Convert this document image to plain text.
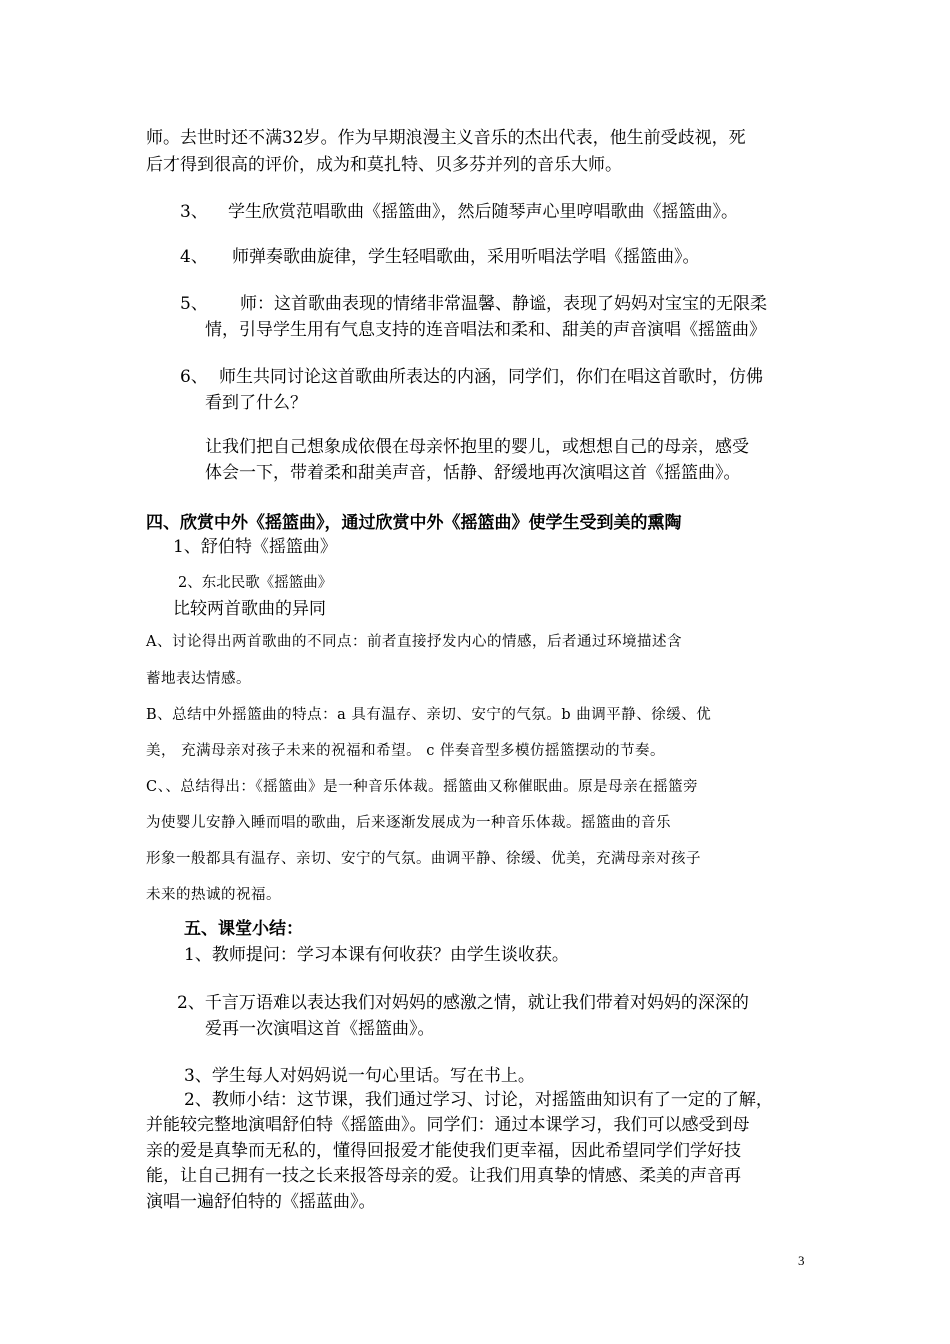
师。去世时还不满32岁。作为早期浪漫主义音乐的杰出代表，他生前受歧视，死
后才得到很高的评价，成为和莫扎特、贝多芬并列的音乐大师。
3、 学生欣赏范唱歌曲《摇篮曲》，然后随琴声心里哼唱歌曲《摇篮曲》。
4、 师弹奏歌曲旋律，学生轻唱歌曲，采用听唱法学唱《摇篮曲》。
5、 师：这首歌曲表现的情绪非常温馨、静谧，表现了妈妈对宝宝的无限柔
情，引导学生用有气息支持的连音唱法和柔和、甜美的声音演唱《摇篮曲》
6、 师生共同讨论这首歌曲所表达的内涵，同学们，你们在唱这首歌时，仿佛
看到了什么？
让我们把自己想象成依偎在母亲怀抱里的婴儿，或想想自己的母亲，感受
体会一下，带着柔和甜美声音，恬静、舒缓地再次演唱这首《摇篮曲》。
四、欣赏中外《摇篮曲》，通过欣赏中外《摇篮曲》使学生受到美的熏陶
1、舒伯特《摇篮曲》
2、东北民歌《摇篮曲》
比较两首歌曲的异同
A、讨论得出两首歌曲的不同点：前者直接抒发内心的情感，后者通过环境描述含
蓄地表达情感。
B、总结中外摇篮曲的特点：a 具有温存、亲切、安宁的气氛。b 曲调平静、徐缓、优
美， 充满母亲对孩子未来的祝福和希望。 c 伴奏音型多模仿摇篮摆动的节奏。
C、、总结得出：《摇篮曲》是一种音乐体裁。摇篮曲又称催眠曲。原是母亲在摇篮旁
为使婴儿安静入睡而唱的歌曲，后来逐渐发展成为一种音乐体裁。摇篮曲的音乐
形象一般都具有温存、亲切、安宁的气氛。曲调平静、徐缓、优美，充满母亲对孩子
未来的热诚的祝福。
五、课堂小结：
1、教师提问：学习本课有何收获？由学生谈收获。
2、千言万语难以表达我们对妈妈的感激之情，就让我们带着对妈妈的深深的
爱再一次演唱这首《摇篮曲》。
3、学生每人对妈妈说一句心里话。写在书上。
2、教师小结：这节课，我们通过学习、讨论，对摇篮曲知识有了一定的了解，
并能较完整地演唱舒伯特《摇篮曲》。同学们：通过本课学习，我们可以感受到母
亲的爱是真挚而无私的，懂得回报爱才能使我们更幸福，因此希望同学们学好技
能，让自己拥有一技之长来报答母亲的爱。让我们用真挚的情感、柔美的声音再
演唱一遍舒伯特的《摇蓝曲》。
3
